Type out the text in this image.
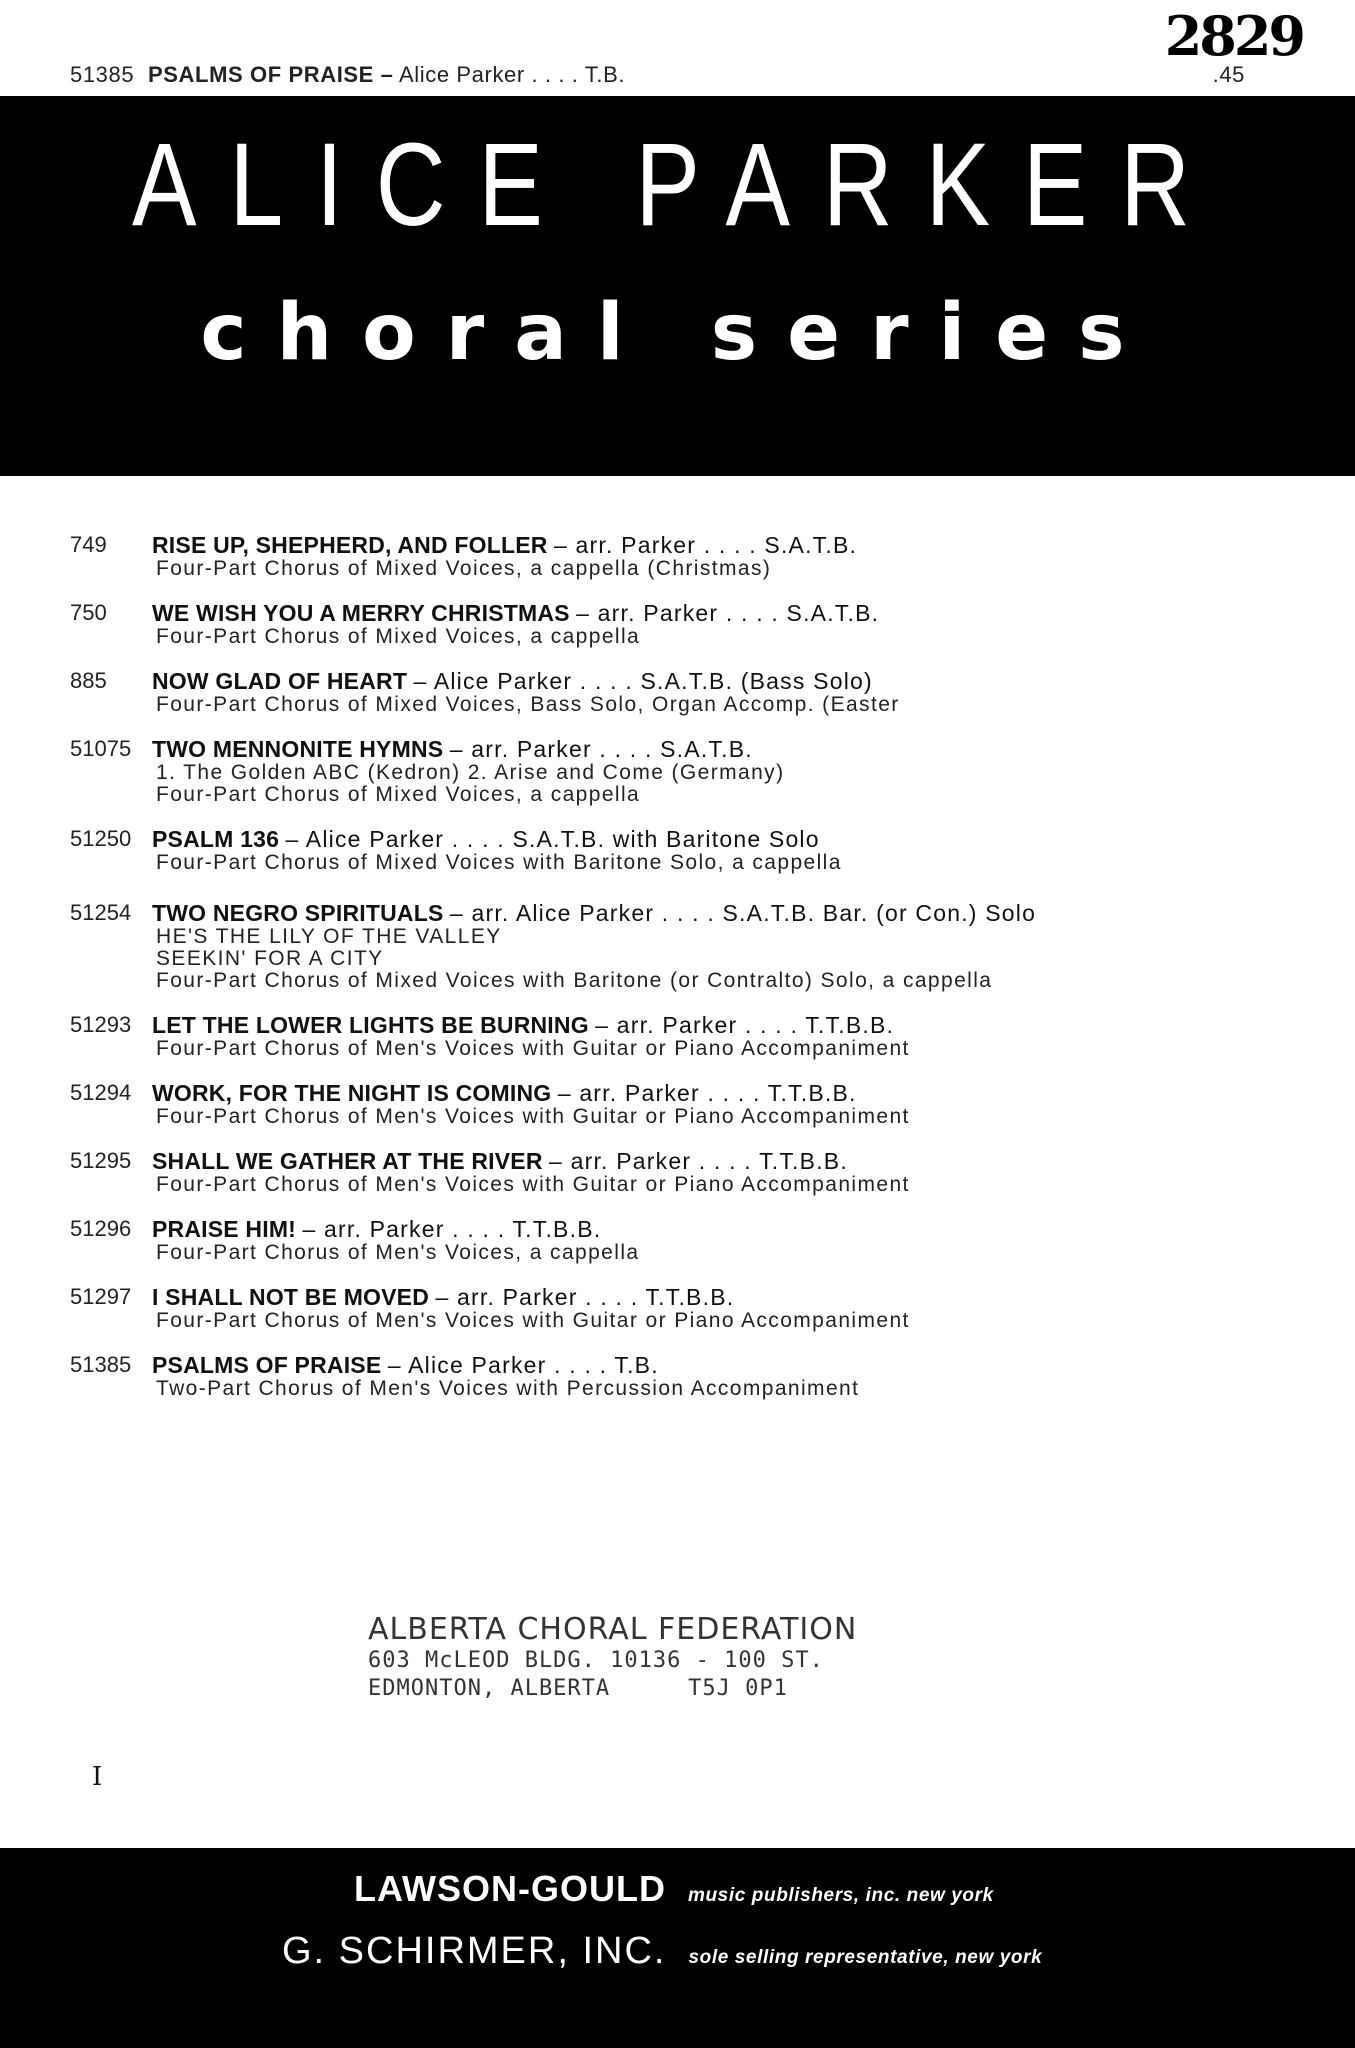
2829
51385 PSALMS OF PRAISE – Alice Parker . . . . T.B.	.45
ALICE PARKER
choral series
749	RISE UP, SHEPHERD, AND FOLLER – arr. Parker . . . . S.A.T.B.
Four-Part Chorus of Mixed Voices, a cappella (Christmas)
750	WE WISH YOU A MERRY CHRISTMAS – arr. Parker . . . . S.A.T.B.
Four-Part Chorus of Mixed Voices, a cappella
885	NOW GLAD OF HEART – Alice Parker . . . . S.A.T.B. (Bass Solo)
Four-Part Chorus of Mixed Voices, Bass Solo, Organ Accomp. (Easter
51075 TWO MENNONITE HYMNS – arr. Parker . . . . S.A.T.B.
1. The Golden ABC (Kedron) 2. Arise and Come (Germany)
Four-Part Chorus of Mixed Voices, a cappella
51250 PSALM 136 – Alice Parker . . . . S.A.T.B. with Baritone Solo
Four-Part Chorus of Mixed Voices with Baritone Solo, a cappella
51254 TWO NEGRO SPIRITUALS – arr. Alice Parker . . . . S.A.T.B. Bar. (or Con.) Solo
HE'S THE LILY OF THE VALLEY
SEEKIN' FOR A CITY
Four-Part Chorus of Mixed Voices with Baritone (or Contralto) Solo, a cappella
51293 LET THE LOWER LIGHTS BE BURNING – arr. Parker . . . . T.T.B.B.
Four-Part Chorus of Men's Voices with Guitar or Piano Accompaniment
51294 WORK, FOR THE NIGHT IS COMING – arr. Parker . . . . T.T.B.B.
Four-Part Chorus of Men's Voices with Guitar or Piano Accompaniment
51295 SHALL WE GATHER AT THE RIVER – arr. Parker . . . . T.T.B.B.
Four-Part Chorus of Men's Voices with Guitar or Piano Accompaniment
51296 PRAISE HIM! – arr. Parker . . . . T.T.B.B.
Four-Part Chorus of Men's Voices, a cappella
51297 I SHALL NOT BE MOVED – arr. Parker . . . . T.T.B.B.
Four-Part Chorus of Men's Voices with Guitar or Piano Accompaniment
51385 PSALMS OF PRAISE – Alice Parker . . . . T.B.
Two-Part Chorus of Men's Voices with Percussion Accompaniment
ALBERTA CHORAL FEDERATION
603 McLEOD BLDG. 10136 - 100 ST.
EDMONTON, ALBERTA	T5J 0P1
I
LAWSON-GOULD music publishers, inc. new york
G. SCHIRMER, INC. sole selling representative, new york
